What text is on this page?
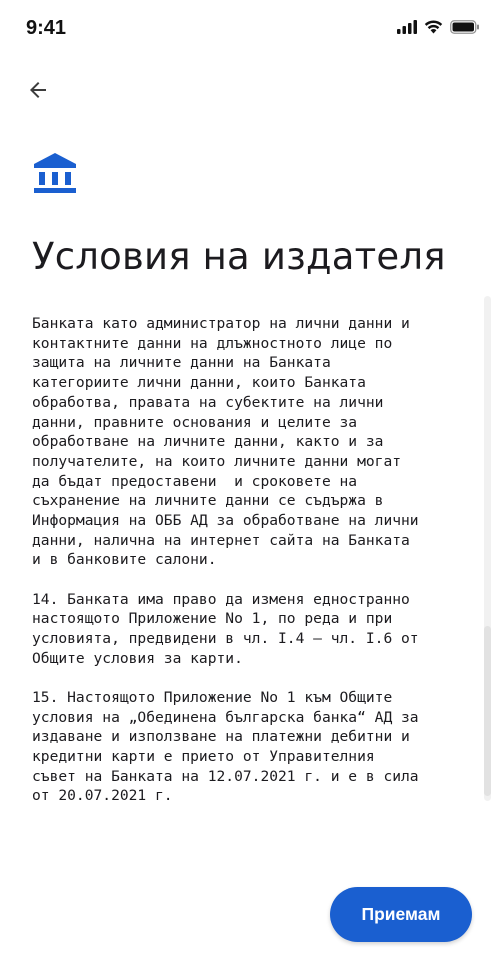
9:41
Условия на издателя

Банката като администратор на лични данни и
контактните данни на длъжностното лице по
защита на личните данни на Банката
категориите лични данни, които Банката
обработва, правата на субектите на лични
данни, правните основания и целите за
обработване на личните данни, както и за
получателите, на които личните данни могат
да бъдат предоставени  и сроковете на
съхранение на личните данни се съдържа в
Информация на ОББ АД за обработване на лични
данни, налична на интернет сайта на Банката
и в банковите салони.

14. Банката има право да изменя едностранно
настоящото Приложение No 1, по реда и при
условията, предвидени в чл. I.4 – чл. I.6 от
Общите условия за карти.

15. Настоящото Приложение No 1 към Общите
условия на „Обединена българска банка“ АД за
издаване и използване на платежни дебитни и
кредитни карти е прието от Управителния
съвет на Банката на 12.07.2021 г. и е в сила
от 20.07.2021 г.

Приемам
